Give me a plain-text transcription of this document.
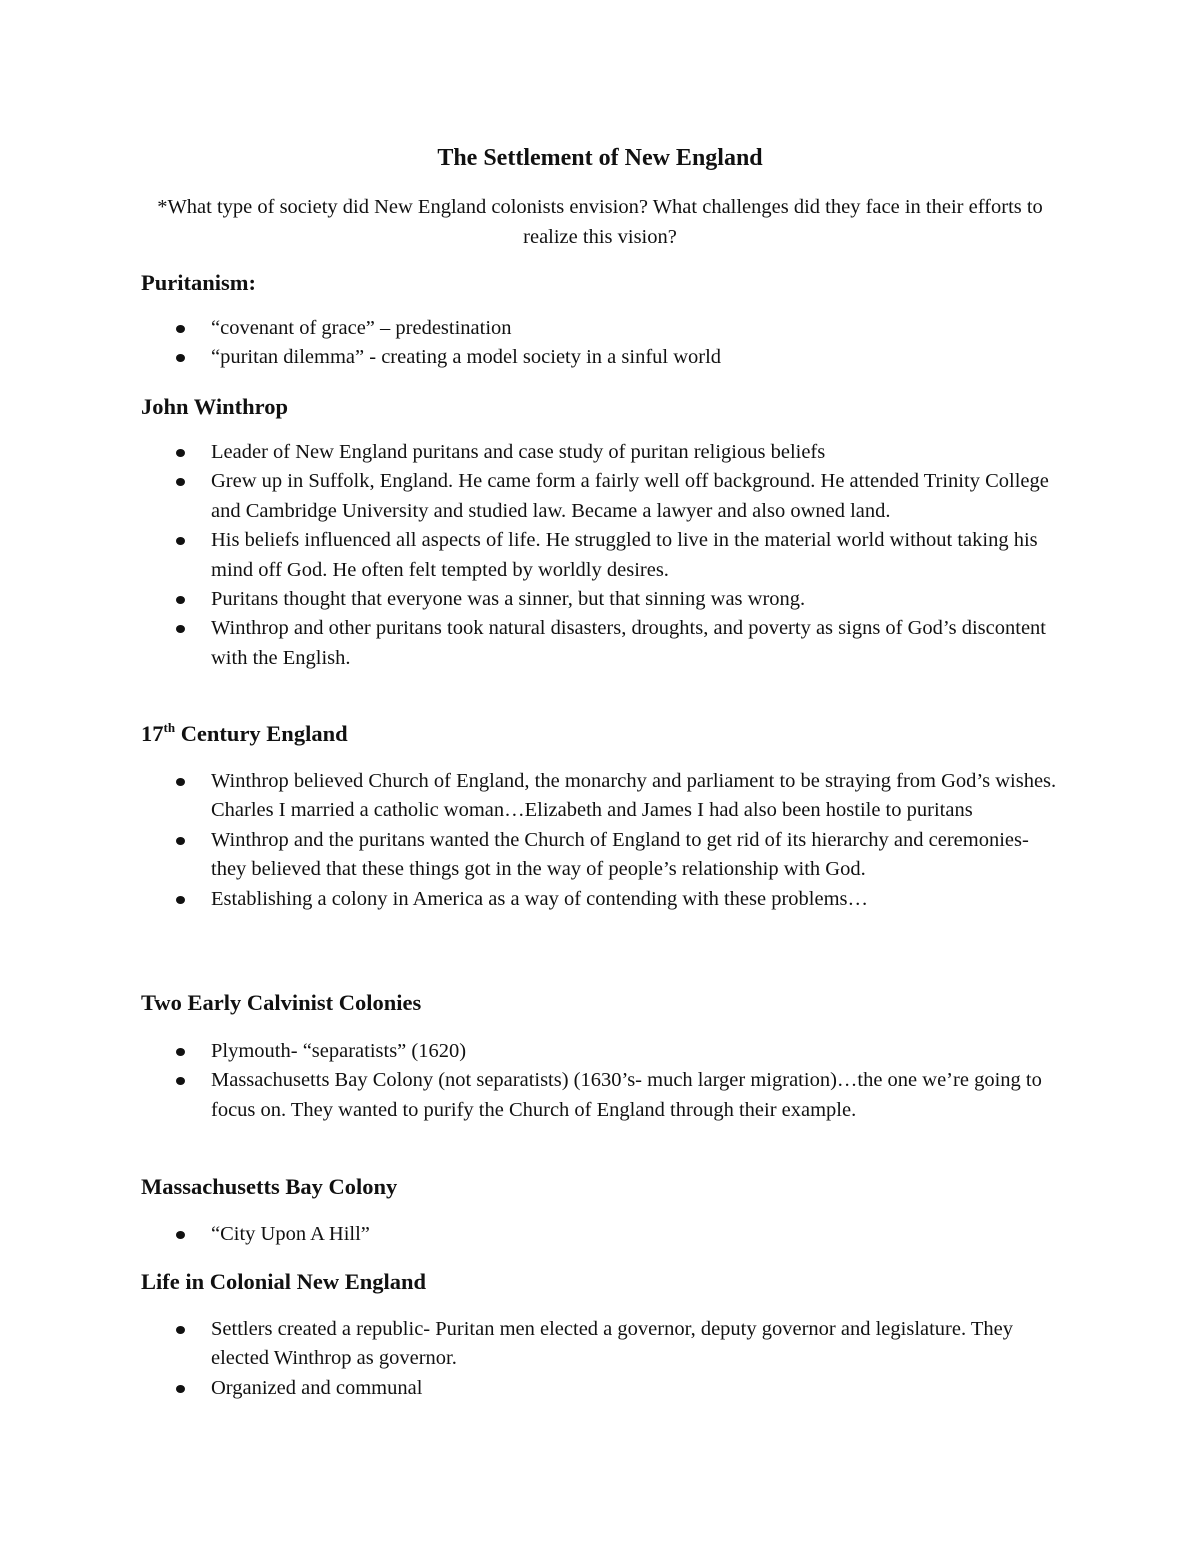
The Settlement of New England

*What type of society did New England colonists envision? What challenges did they face in their efforts to realize this vision?

Puritanism:
“covenant of grace” – predestination
“puritan dilemma” - creating a model society in a sinful world
John Winthrop
Leader of New England puritans and case study of puritan religious beliefs
Grew up in Suffolk, England. He came form a fairly well off background. He attended Trinity College and Cambridge University and studied law. Became a lawyer and also owned land.
His beliefs influenced all aspects of life. He struggled to live in the material world without taking his mind off God. He often felt tempted by worldly desires.
Puritans thought that everyone was a sinner, but that sinning was wrong.
Winthrop and other puritans took natural disasters, droughts, and poverty as signs of God’s discontent with the English.
17th Century England
Winthrop believed Church of England, the monarchy and parliament to be straying from God’s wishes. Charles I married a catholic woman…Elizabeth and James I had also been hostile to puritans
Winthrop and the puritans wanted the Church of England to get rid of its hierarchy and ceremonies- they believed that these things got in the way of people’s relationship with God.
Establishing a colony in America as a way of contending with these problems…
Two Early Calvinist Colonies
Plymouth- “separatists” (1620)
Massachusetts Bay Colony (not separatists) (1630’s- much larger migration)…the one we’re going to focus on. They wanted to purify the Church of England through their example.
Massachusetts Bay Colony
“City Upon A Hill”
Life in Colonial New England
Settlers created a republic- Puritan men elected a governor, deputy governor and legislature. They elected Winthrop as governor.
Organized and communal
